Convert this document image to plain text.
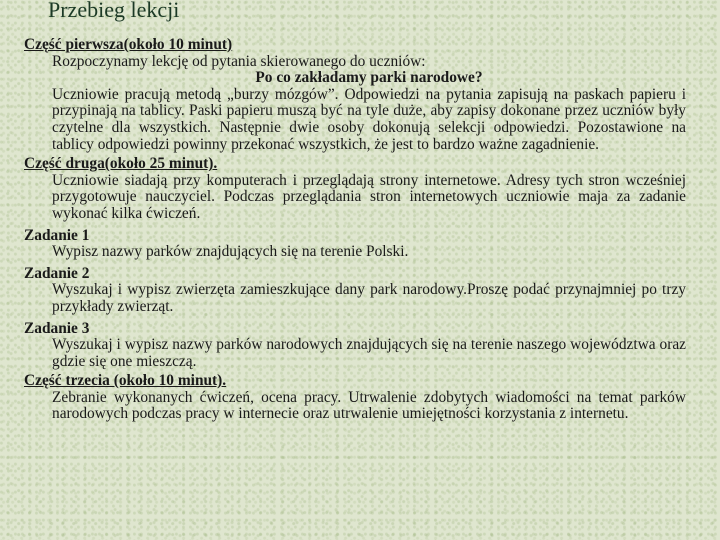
Przebieg lekcji

Część pierwsza(około 10 minut)

Rozpoczynamy lekcję od pytania skierowanego do uczniów:

Po co zakładamy parki narodowe?

Uczniowie pracują metodą „burzy mózgów”. Odpowiedzi na pytania zapisują na paskach papieru i przypinają na tablicy. Paski papieru muszą być na tyle duże, aby zapisy dokonane przez uczniów były czytelne dla wszystkich. Następnie dwie osoby dokonują selekcji odpowiedzi. Pozostawione na tablicy odpowiedzi powinny przekonać wszystkich, że jest to bardzo ważne zagadnienie.

Część druga(około 25 minut).

Uczniowie siadają przy komputerach i przeglądają strony internetowe. Adresy tych stron wcześniej przygotowuje nauczyciel. Podczas przeglądania stron internetowych uczniowie maja za zadanie wykonać kilka ćwiczeń.

Zadanie 1

Wypisz nazwy parków znajdujących się na terenie Polski.

Zadanie 2

Wyszukaj i wypisz zwierzęta zamieszkujące dany park narodowy.Proszę podać przynajmniej po trzy przykłady zwierząt.

Zadanie 3

Wyszukaj i wypisz nazwy parków narodowych znajdujących się na terenie naszego województwa oraz gdzie się one mieszczą.

Część trzecia (około 10 minut).

Zebranie wykonanych ćwiczeń, ocena pracy. Utrwalenie zdobytych wiadomości na temat parków narodowych podczas pracy w internecie oraz utrwalenie umiejętności korzystania z internetu.
